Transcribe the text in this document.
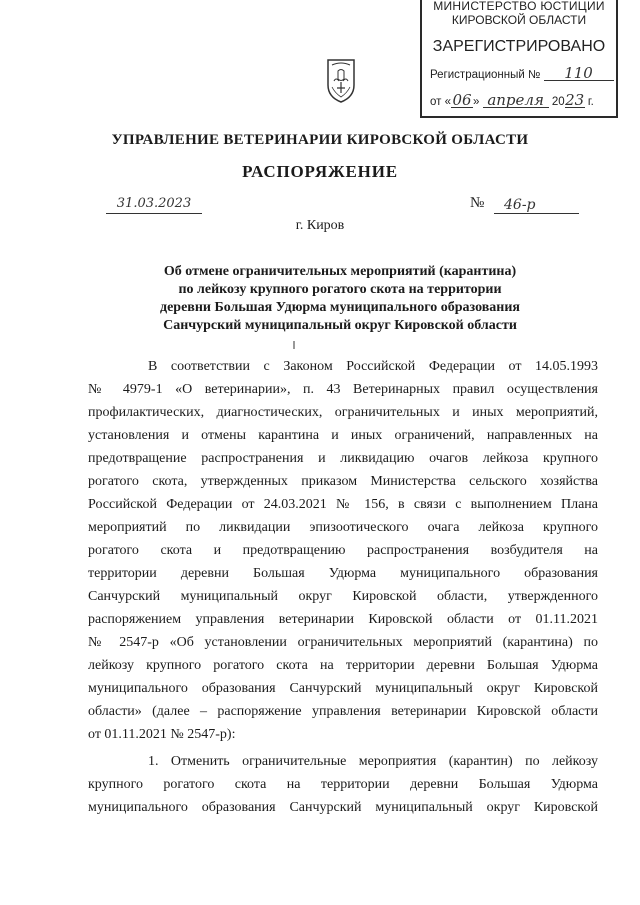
МИНИСТЕРСТВО ЮСТИЦИИ
КИРОВСКОЙ ОБЛАСТИ
ЗАРЕГИСТРИРОВАНО
Регистрационный № 110
от «06» апреля 2023 г.
УПРАВЛЕНИЕ ВЕТЕРИНАРИИ КИРОВСКОЙ ОБЛАСТИ
РАСПОРЯЖЕНИЕ
31.03.2023	№	46-р
г. Киров
Об отмене ограничительных мероприятий (карантина)
по лейкозу крупного рогатого скота на территории
деревни Большая Удюрма муниципального образования
Санчурский муниципальный округ Кировской области
В соответствии с Законом Российской Федерации от 14.05.1993
№ 4979-1 «О ветеринарии», п. 43 Ветеринарных правил осуществления
профилактических, диагностических, ограничительных и иных мероприятий,
установления и отмены карантина и иных ограничений, направленных на
предотвращение распространения и ликвидацию очагов лейкоза крупного
рогатого скота, утвержденных приказом Министерства сельского хозяйства
Российской Федерации от 24.03.2021 № 156, в связи с выполнением Плана
мероприятий по ликвидации эпизоотического очага лейкоза крупного
рогатого скота и предотвращению распространения возбудителя на
территории деревни Большая Удюрма муниципального образования
Санчурский муниципальный округ Кировской области, утвержденного
распоряжением управления ветеринарии Кировской области от 01.11.2021
№ 2547-р «Об установлении ограничительных мероприятий (карантина) по
лейкозу крупного рогатого скота на территории деревни Большая Удюрма
муниципального образования Санчурский муниципальный округ Кировской
области» (далее – распоряжение управления ветеринарии Кировской области
от 01.11.2021 № 2547-р):
1. Отменить ограничительные мероприятия (карантин) по лейкозу
крупного рогатого скота на территории деревни Большая Удюрма
муниципального образования Санчурский муниципальный округ Кировской
